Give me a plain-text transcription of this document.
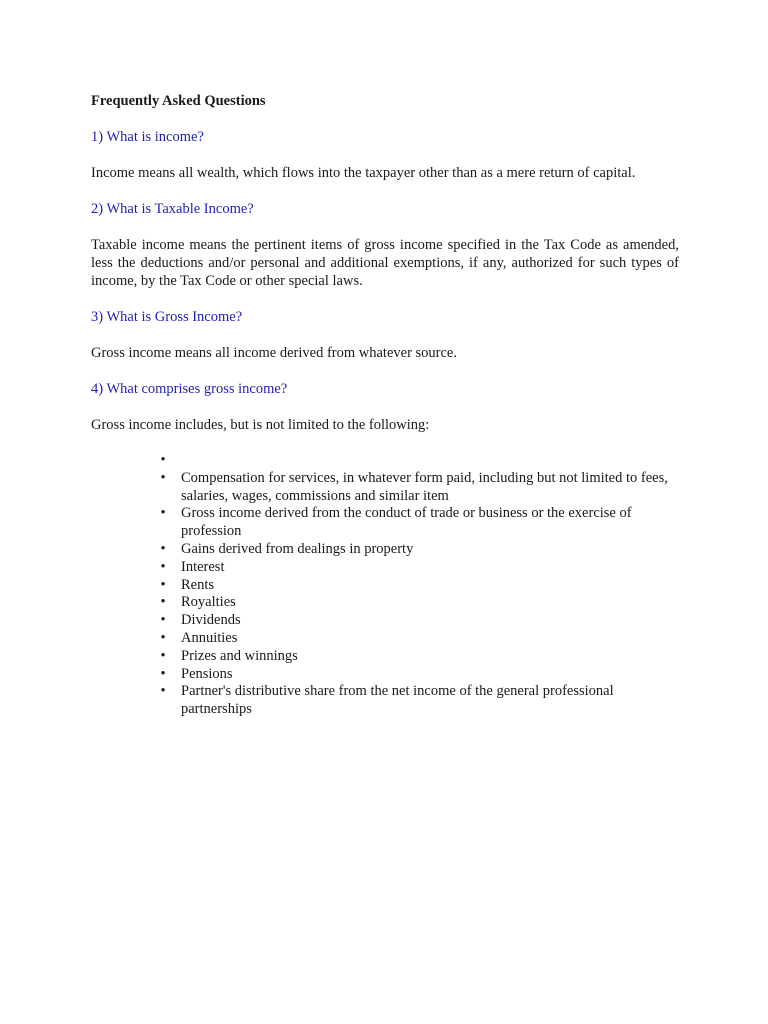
Frequently Asked Questions

1) What is income?

Income means all wealth, which flows into the taxpayer other than as a mere return of capital.

2) What is Taxable Income?

Taxable income means the pertinent items of gross income specified in the Tax Code as amended, less the deductions and/or personal and additional exemptions, if any, authorized for such types of income, by the Tax Code or other special laws.

3) What is Gross Income?

Gross income means all income derived from whatever source.

4) What comprises gross income?

Gross income includes, but is not limited to the following:

•
• Compensation for services, in whatever form paid, including but not limited to fees, salaries, wages, commissions and similar item
• Gross income derived from the conduct of trade or business or the exercise of profession
• Gains derived from dealings in property
• Interest
• Rents
• Royalties
• Dividends
• Annuities
• Prizes and winnings
• Pensions
• Partner's distributive share from the net income of the general professional partnerships
